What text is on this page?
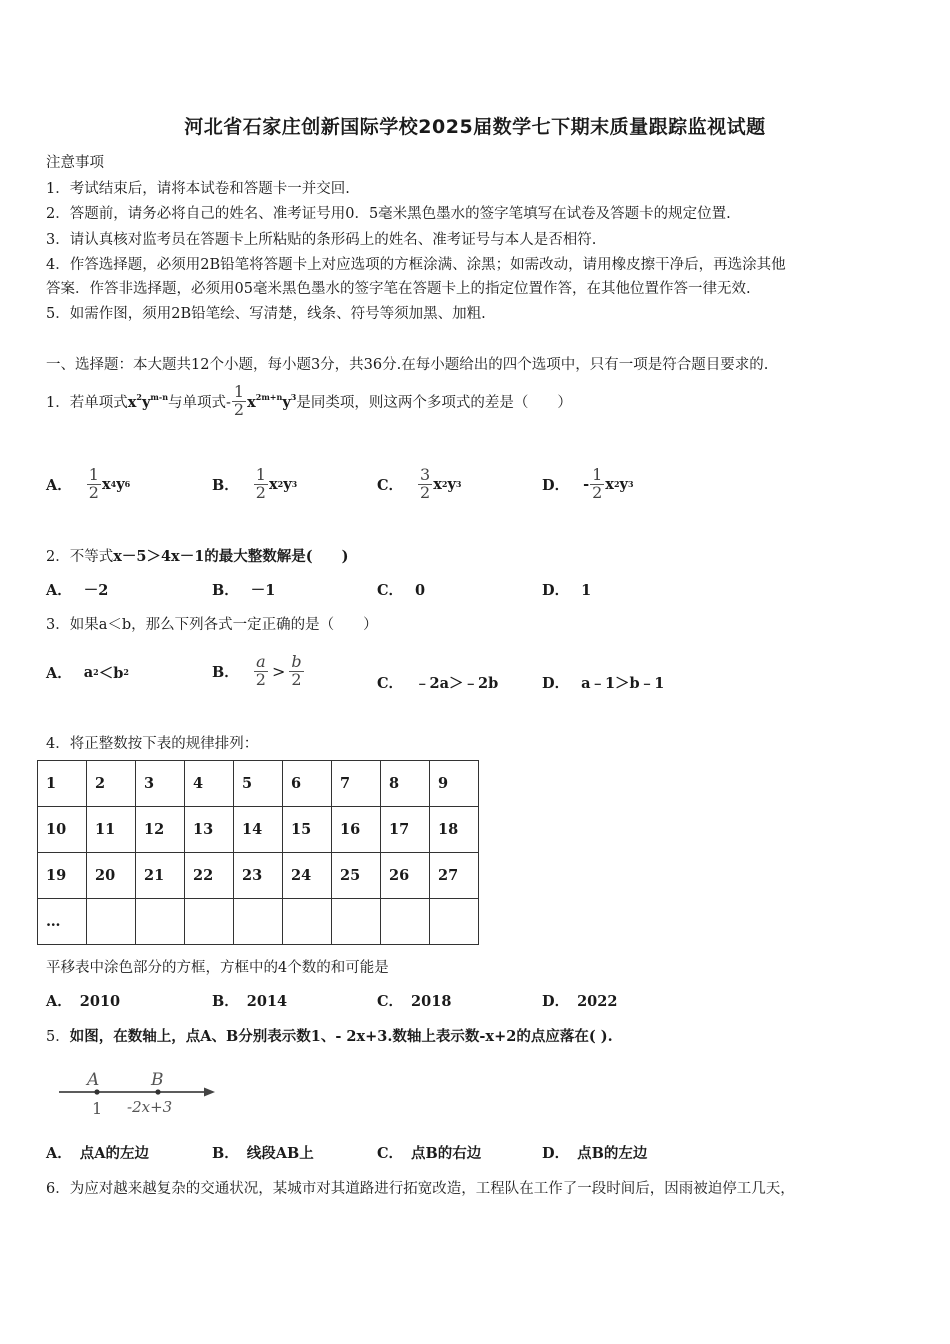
河北省石家庄创新国际学校2025届数学七下期末质量跟踪监视试题
注意事项
1．考试结束后，请将本试卷和答题卡一并交回.
2．答题前，请务必将自己的姓名、准考证号用0．5毫米黑色墨水的签字笔填写在试卷及答题卡的规定位置.
3．请认真核对监考员在答题卡上所粘贴的条形码上的姓名、准考证号与本人是否相符.
4．作答选择题，必须用2B铅笔将答题卡上对应选项的方框涂满、涂黑；如需改动，请用橡皮擦干净后，再选涂其他
答案．作答非选择题，必须用05毫米黑色墨水的签字笔在答题卡上的指定位置作答，在其他位置作答一律无效.
5．如需作图，须用2B铅笔绘、写清楚，线条、符号等须加黑、加粗.
一、选择题：本大题共12个小题，每小题3分，共36分.在每小题给出的四个选项中，只有一项是符合题目要求的.
1． 若单项式 $x^2y^{m-n}$ 与单项式- $\frac{1}{2} x^{2m+n}y^3$ 是同类项，则这两个多项式的差是（　　）
A． $\frac{1}{2}$ x 4 y 6	B． $\frac{1}{2}$ x 2 y 3	C． $\frac{3}{2}$ x 2 y 3	D． - $\frac{1}{2}$ x 2 y 3
2．不等式x－5＞4x－1的最大整数解是(　　)
A． －2	B． －1	C． 0	D． 1
3．如果a＜b，那么下列各式一定正确的是（　　）
A． a 2 ＜b 2	B． $\frac{a}{2} > \frac{b}{2}$	C． ﹣2a＞﹣2b	D． a﹣1＞b﹣1
4．将正整数按下表的规律排列：
1	2	3	4	5	6	7	8	9
10	11	12	13	14	15	16	17	18
19	20	21	22	23	24	25	26	27
…								
平移表中涂色部分的方框，方框中的4个数的和可能是
A． 2010	B． 2014	C． 2018	D． 2022
5．如图，在数轴上，点A、B分别表示数1、- 2x+3.数轴上表示数-x+2的点应落在( ).
A	B
1 -2x+3
A． 点A的左边	B． 线段AB上	C． 点B的右边	D． 点B的左边
6．为应对越来越复杂的交通状况，某城市对其道路进行拓宽改造，工程队在工作了一段时间后，因雨被迫停工几天，
